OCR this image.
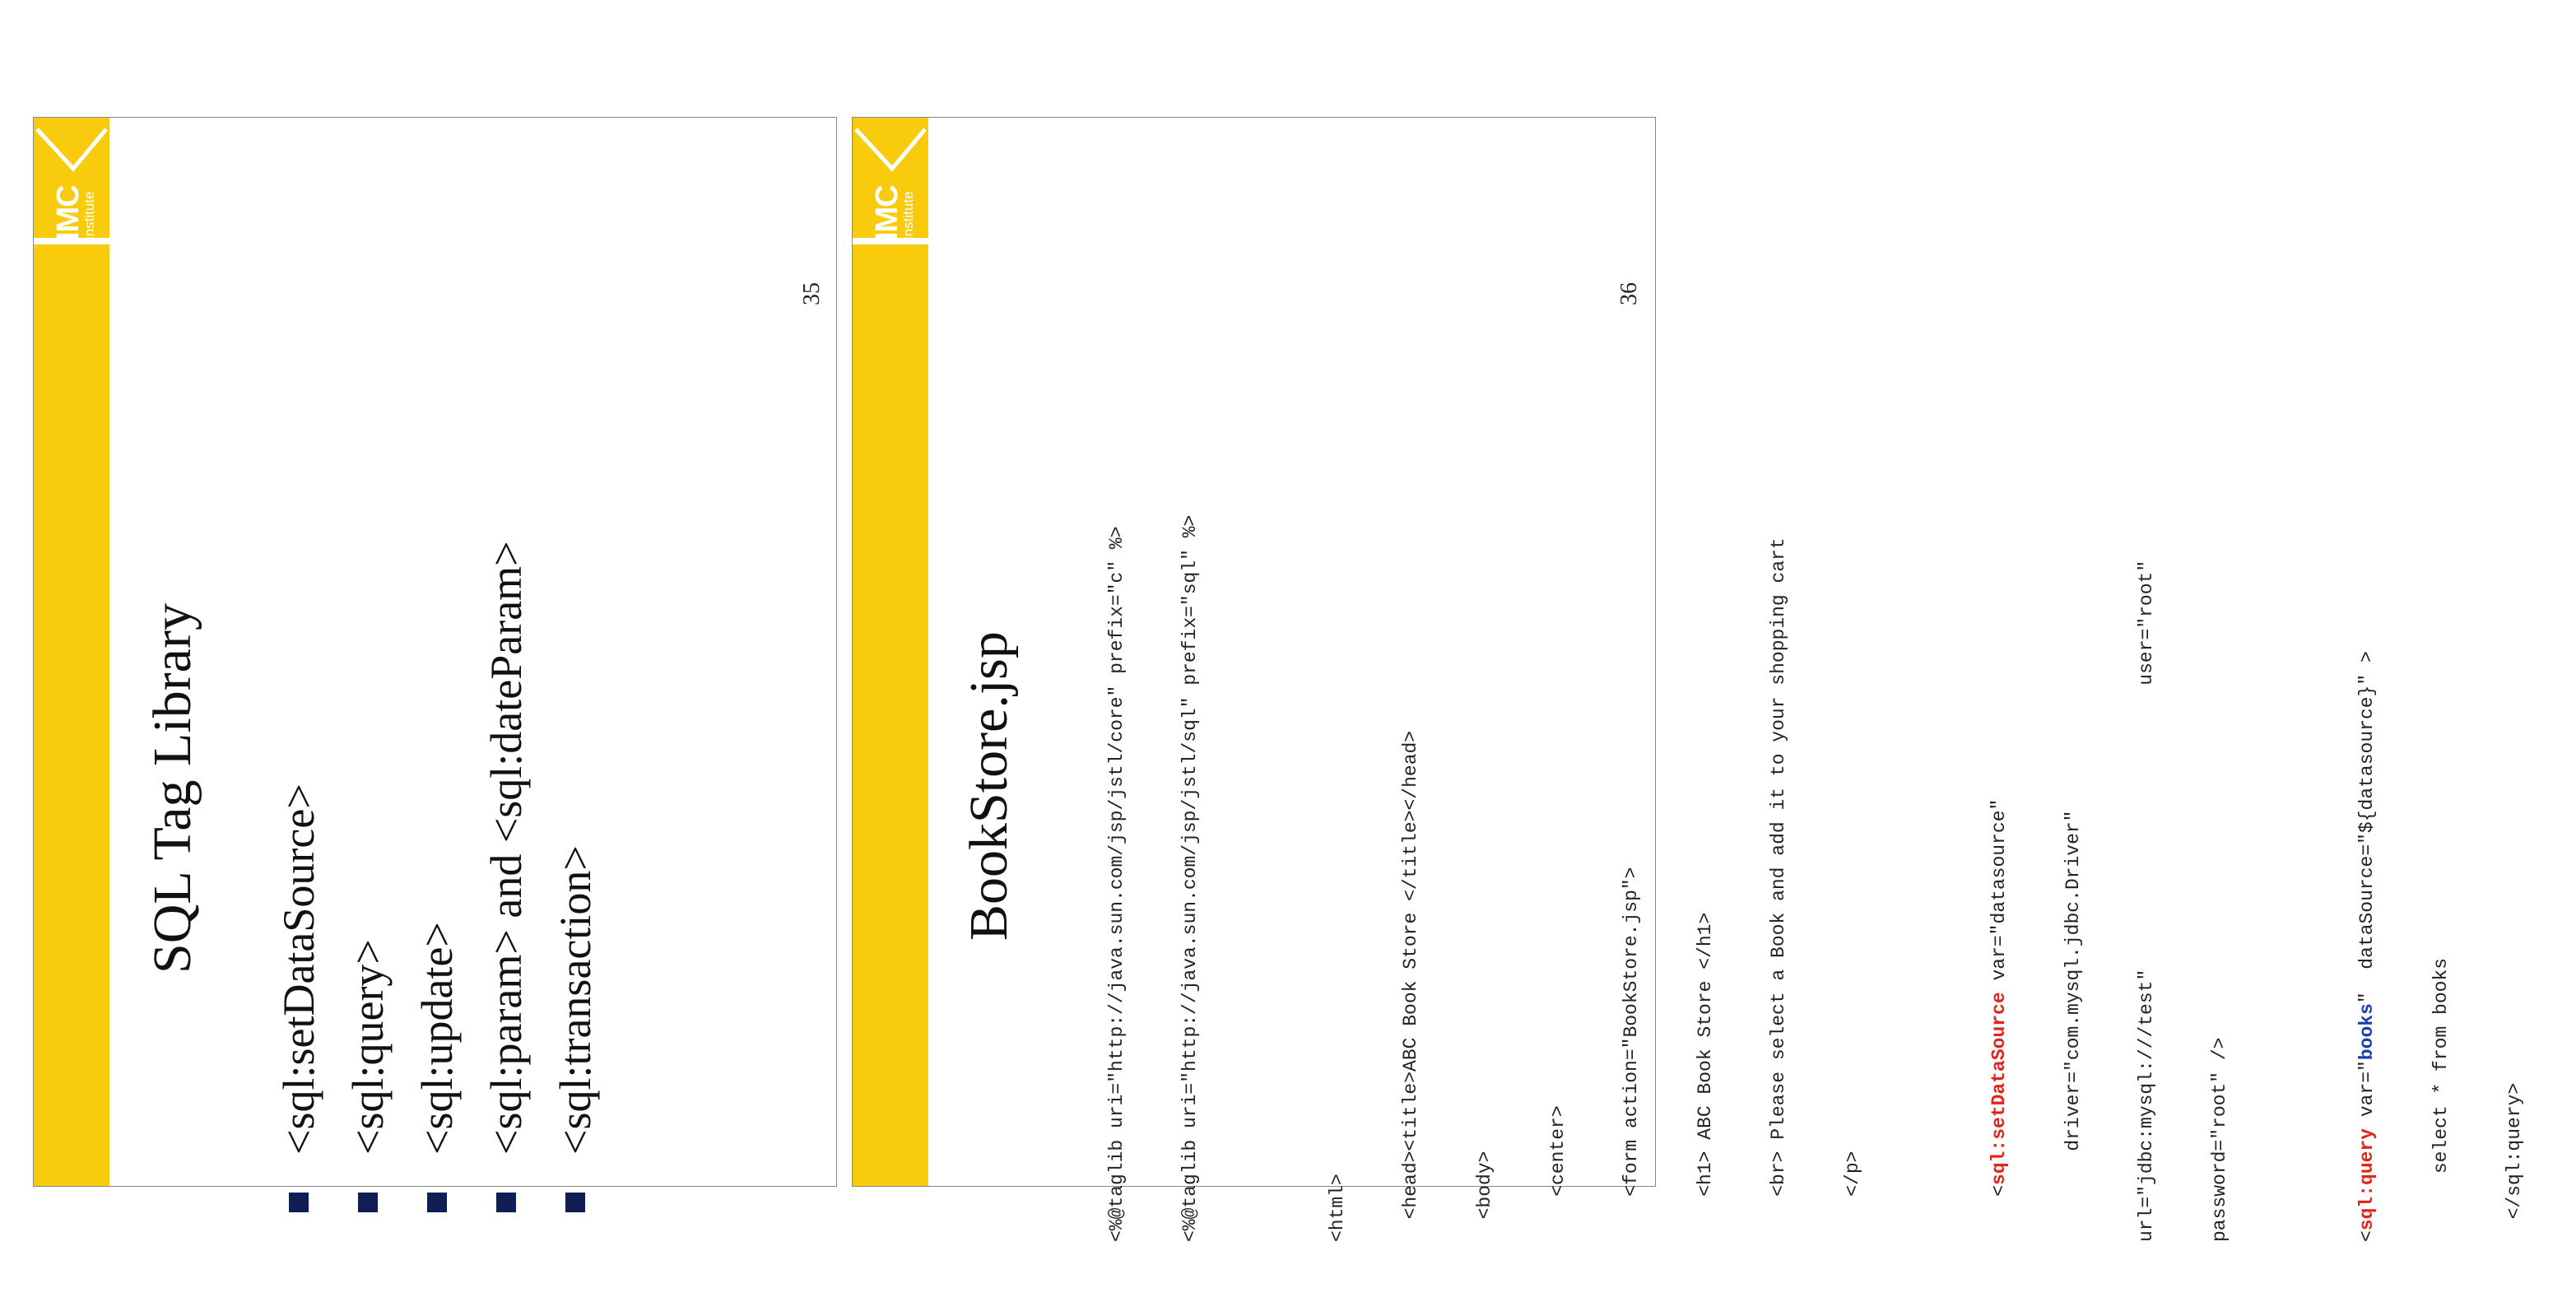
IMC
Institute
35
SQL Tag Library <sql:setDataSource> <sql:query> <sql:update> <sql:param> and <sql:dateParam> <sql:transaction>
IMC
Institute
36
BookStore.jsp

	<%@taglib uri="http://java.sun.com/jsp/jstl/core" prefix="c" %>

	<%@taglib uri="http://java.sun.com/jsp/jstl/sql" prefix="sql" %>

	<html>

	<head><title>ABC Book Store </title></head>

	<body>

	<center>

	<form action="BookStore.jsp">

	<h1> ABC Book Store </h1>

	<br> Please select a Book and add it to your shopping cart

	</p>

	<sql:setDataSource var="datasource"

	driver="com.mysql.jdbc.Driver"

	url="jdbc:mysql:///test"                         user="root"

	password="root" />

	<sql:query var="books"  dataSource="${datasource}" >

select * from books

	</sql:query>
